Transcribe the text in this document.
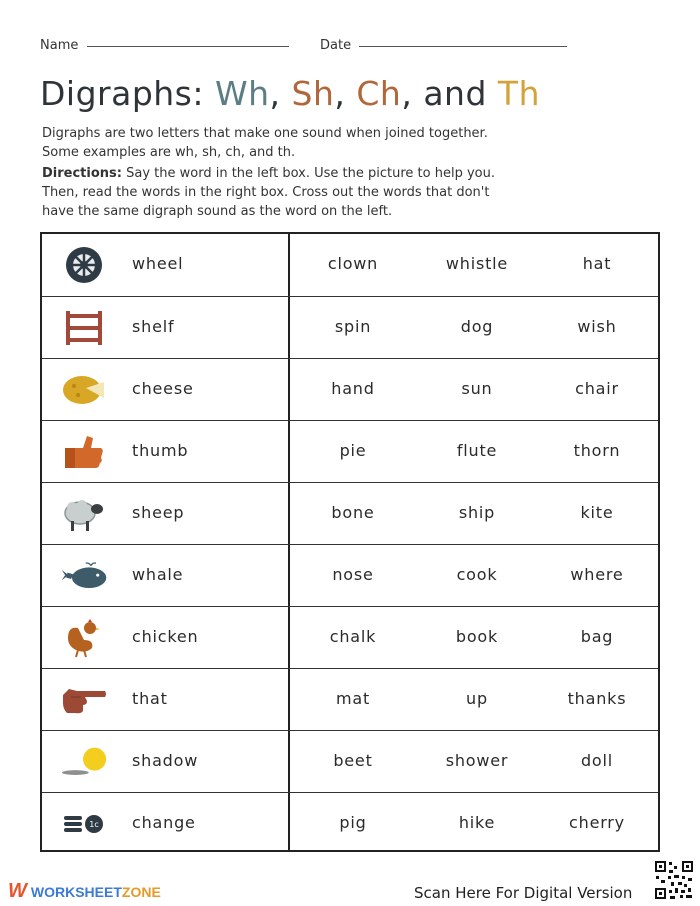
Name	Date
Digraphs: Wh, Sh, Ch, and Th
Digraphs are two letters that make one sound when joined together.
Some examples are wh, sh, ch, and th.
Directions: Say the word in the left box. Use the picture to help you.
Then, read the words in the right box. Cross out the words that don't
have the same digraph sound as the word on the left.
wheel	clown	whistle	hat
shelf	spin	dog	wish
cheese	hand	sun	chair
thumb	pie	flute	thorn
sheep	bone	ship	kite
whale	nose	cook	where
chicken	chalk	book	bag
that	mat	up	thanks
shadow	beet	shower	doll
1c change	pig	hike	cherry
W WORKSHEET ZONE	Scan Here For Digital Version
